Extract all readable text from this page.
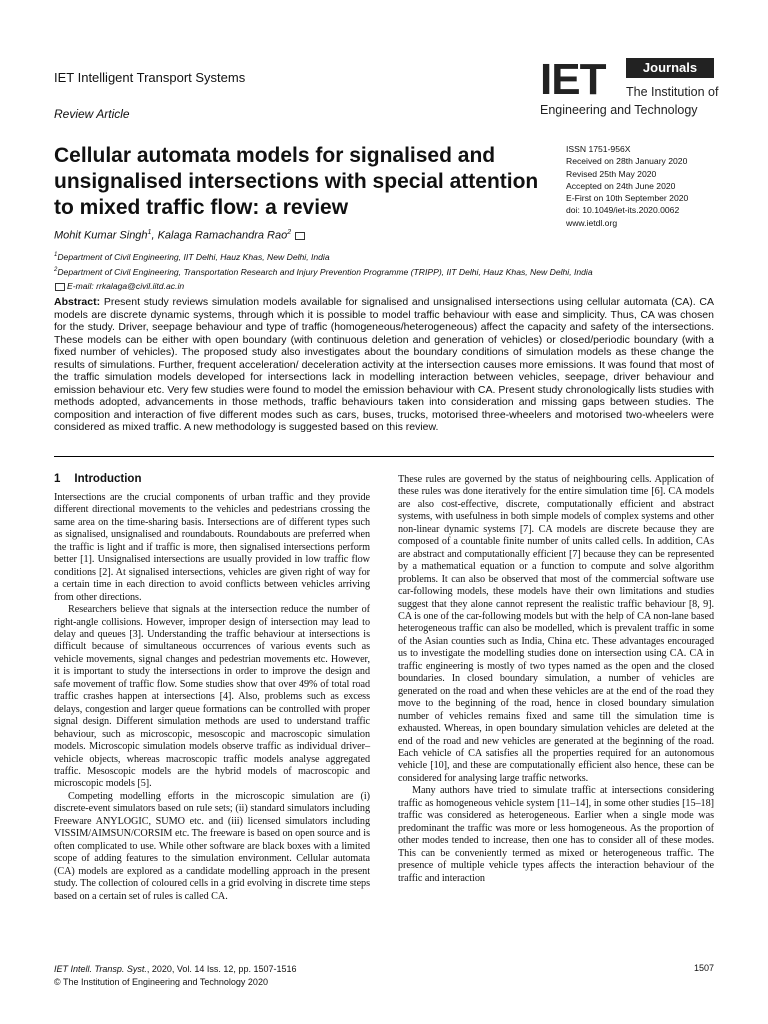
IET Intelligent Transport Systems
Review Article
IET	Journals
The Institution of
Engineering and Technology
Cellular automata models for signalised and unsignalised intersections with special attention to mixed traffic flow: a review
ISSN 1751-956X
Received on 28th January 2020
Revised 25th May 2020
Accepted on 24th June 2020
E-First on 10th September 2020
doi: 10.1049/iet-its.2020.0062
www.ietdl.org
Mohit Kumar Singh$^1$, Kalaga Ramachandra Rao$^2$
$^1$Department of Civil Engineering, IIT Delhi, Hauz Khas, New Delhi, India
$^2$Department of Civil Engineering, Transportation Research and Injury Prevention Programme (TRIPP), IIT Delhi, Hauz Khas, New Delhi, India
E-mail: rrkalaga@civil.iitd.ac.in

Abstract: Present study reviews simulation models available for signalised and unsignalised intersections using cellular automata (CA). CA models are discrete dynamic systems, through which it is possible to model traffic behaviour with ease and simplicity. Thus, CA was chosen for the study. Driver, seepage behaviour and type of traffic (homogeneous/heterogeneous) affect the capacity and safety of the intersections. These models can be either with open boundary (with continuous deletion and generation of vehicles) or closed/periodic boundary (with a fixed number of vehicles). The proposed study also investigates about the boundary conditions of simulation models as these change the results of simulations. Further, frequent acceleration/ deceleration activity at the intersection causes more emissions. It was found that most of the traffic simulation models developed for intersections lack in modelling interaction between vehicles, seepage, driver behaviour and emission behaviour etc. Very few studies were found to model the emission behaviour with CA. Present study chronologically lists studies with methods adopted, advancements in those methods, traffic behaviours taken into consideration and missing gaps between studies. The composition and interaction of five different modes such as cars, buses, trucks, motorised three-wheelers and motorised two-wheelers were considered as mixed traffic. A new methodology is suggested based on this review.

1 Introduction

Intersections are the crucial components of urban traffic and they provide different directional movements to the vehicles and pedestrians crossing the same area on the time-sharing basis. Intersections are of different types such as signalised, unsignalised and roundabouts. Roundabouts are preferred when the traffic is light and if traffic is more, then signalised intersections perform better [1]. Unsignalised intersections are usually provided in low traffic flow conditions [2]. At signalised intersections, vehicles are given right of way for a certain time in each direction to avoid conflicts between vehicles arriving from other directions.

Researchers believe that signals at the intersection reduce the number of right-angle collisions. However, improper design of intersection may lead to delay and queues [3]. Understanding the traffic behaviour at intersections is difficult because of simultaneous occurrences of various events such as vehicle movements, signal changes and pedestrian movements etc. However, it is important to study the intersections in order to improve the design and safe movement of traffic flow. Some studies show that over 49% of total road traffic crashes happen at intersections [4]. Also, problems such as excess delays, congestion and larger queue formations can be controlled with proper signal design. Different simulation methods are used to understand traffic behaviour, such as microscopic, mesoscopic and macroscopic simulation models. Microscopic simulation models observe traffic as individual driver–vehicle objects, whereas macroscopic traffic models analyse aggregated traffic. Mesoscopic models are the hybrid models of macroscopic and microscopic models [5].

Competing modelling efforts in the microscopic simulation are (i) discrete-event simulators based on rule sets; (ii) standard simulators including Freeware ANYLOGIC, SUMO etc. and (iii) licensed simulators including VISSIM/AIMSUN/CORSIM etc. The freeware is based on open source and is often complicated to use. While other software are black boxes with a limited scope of adding features to the simulation environment. Cellular automata (CA) models are explored as a candidate modelling approach in the present study. The collection of coloured cells in a grid evolving in discrete time steps based on a certain set of rules is called CA.

These rules are governed by the status of neighbouring cells. Application of these rules was done iteratively for the entire simulation time [6]. CA models are also cost-effective, discrete, computationally efficient and abstract systems, with usefulness in both simple models of complex systems and other non-linear dynamic systems [7]. CA models are discrete because they are composed of a countable finite number of units called cells. In addition, CAs are abstract and computationally efficient [7] because they can be represented by a mathematical equation or a function to compute and solve algorithm problems. It can also be observed that most of the commercial software use car-following models, these models have their own limitations and studies suggest that they alone cannot represent the realistic traffic behaviour [8, 9]. CA is one of the car-following models but with the help of CA non-lane based heterogeneous traffic can also be modelled, which is prevalent traffic in some of the Asian counties such as India, China etc. These advantages encouraged us to investigate the modelling studies done on intersection using CA. CA in traffic engineering is mostly of two types named as the open and the closed boundaries. In closed boundary simulation, a number of vehicles are generated on the road and when these vehicles are at the end of the road they move to the beginning of the road, hence in closed boundary simulation number of vehicles remains fixed and same till the simulation time is exhausted. Whereas, in open boundary simulation vehicles are deleted at the end of the road and new vehicles are generated at the beginning of the road. Each vehicle of CA satisfies all the properties required for an autonomous vehicle [10], and these are computationally efficient also hence, these can be considered for analysing large traffic networks.

Many authors have tried to simulate traffic at intersections considering traffic as homogeneous vehicle system [11–14], in some other studies [15–18] traffic was considered as heterogeneous. Earlier when a single mode was predominant the traffic was more or less homogeneous. As the proportion of other modes tended to increase, then one has to consider all of these modes. This can be conveniently termed as mixed or heterogeneous traffic. The presence of multiple vehicle types affects the interaction behaviour of the traffic and interaction

IET Intell. Transp. Syst., 2020, Vol. 14 Iss. 12, pp. 1507-1516
© The Institution of Engineering and Technology 2020
1507
